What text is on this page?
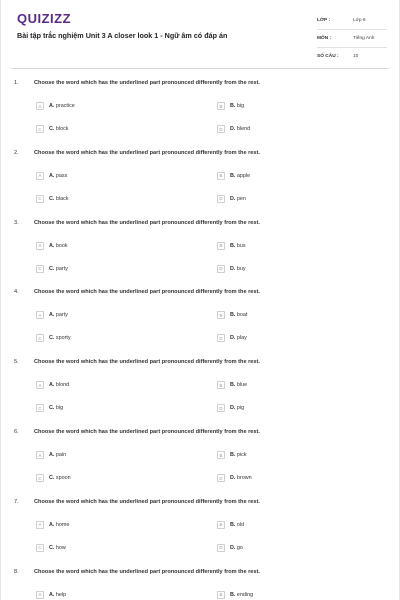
QUIZIZZ
Bài tập trắc nghiệm Unit 3 A closer look 1 - Ngữ âm có đáp án
LỚP :	Lớp 6
MÔN :	Tiếng Anh
SỐ CÂU :	10
1.	Choose the word which has the underlined part pronounced differently from the rest.
A	A. practice	B	B. big
C	C. block	D	D. blend
2.	Choose the word which has the underlined part pronounced differently from the rest.
A	A. pass	B	B. apple
C	C. black	D	D. pen
3.	Choose the word which has the underlined part pronounced differently from the rest.
A	A. book	B	B. bus
C	C. party	D	D. buy
4.	Choose the word which has the underlined part pronounced differently from the rest.
A	A. party	B	B. boat
C	C. sporty	D	D. play
5.	Choose the word which has the underlined part pronounced differently from the rest.
A	A. blond	B	B. blue
C	C. big	D	D. pig
6.	Choose the word which has the underlined part pronounced differently from the rest.
A	A. pain	B	B. pick
C	C. spoon	D	D. brown
7.	Choose the word which has the underlined part pronounced differently from the rest.
A	A. home	B	B. old
C	C. how	D	D. go
8.	Choose the word which has the underlined part pronounced differently from the rest.
A	A. help	B	B. ending
